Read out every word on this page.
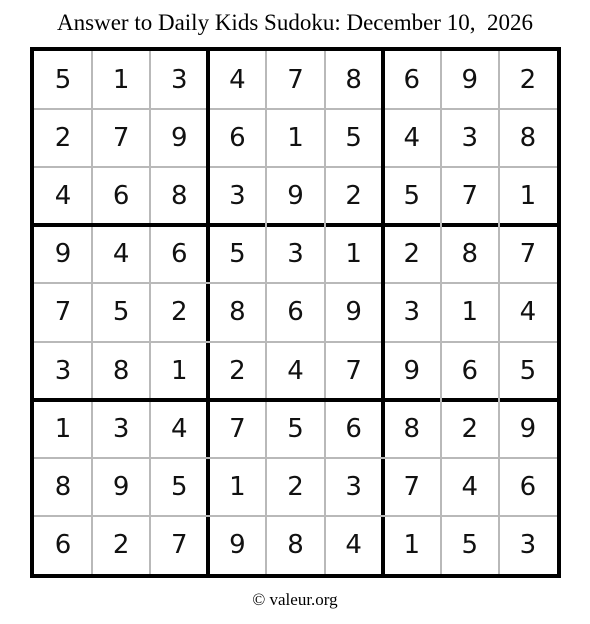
Answer to Daily Kids Sudoku: December 10,  2026
5	1	3	4	7	8	6	9	2
2	7	9	6	1	5	4	3	8
4	6	8	3	9	2	5	7	1
9	4	6	5	3	1	2	8	7
7	5	2	8	6	9	3	1	4
3	8	1	2	4	7	9	6	5
1	3	4	7	5	6	8	2	9
8	9	5	1	2	3	7	4	6
6	2	7	9	8	4	1	5	3
© valeur.org
